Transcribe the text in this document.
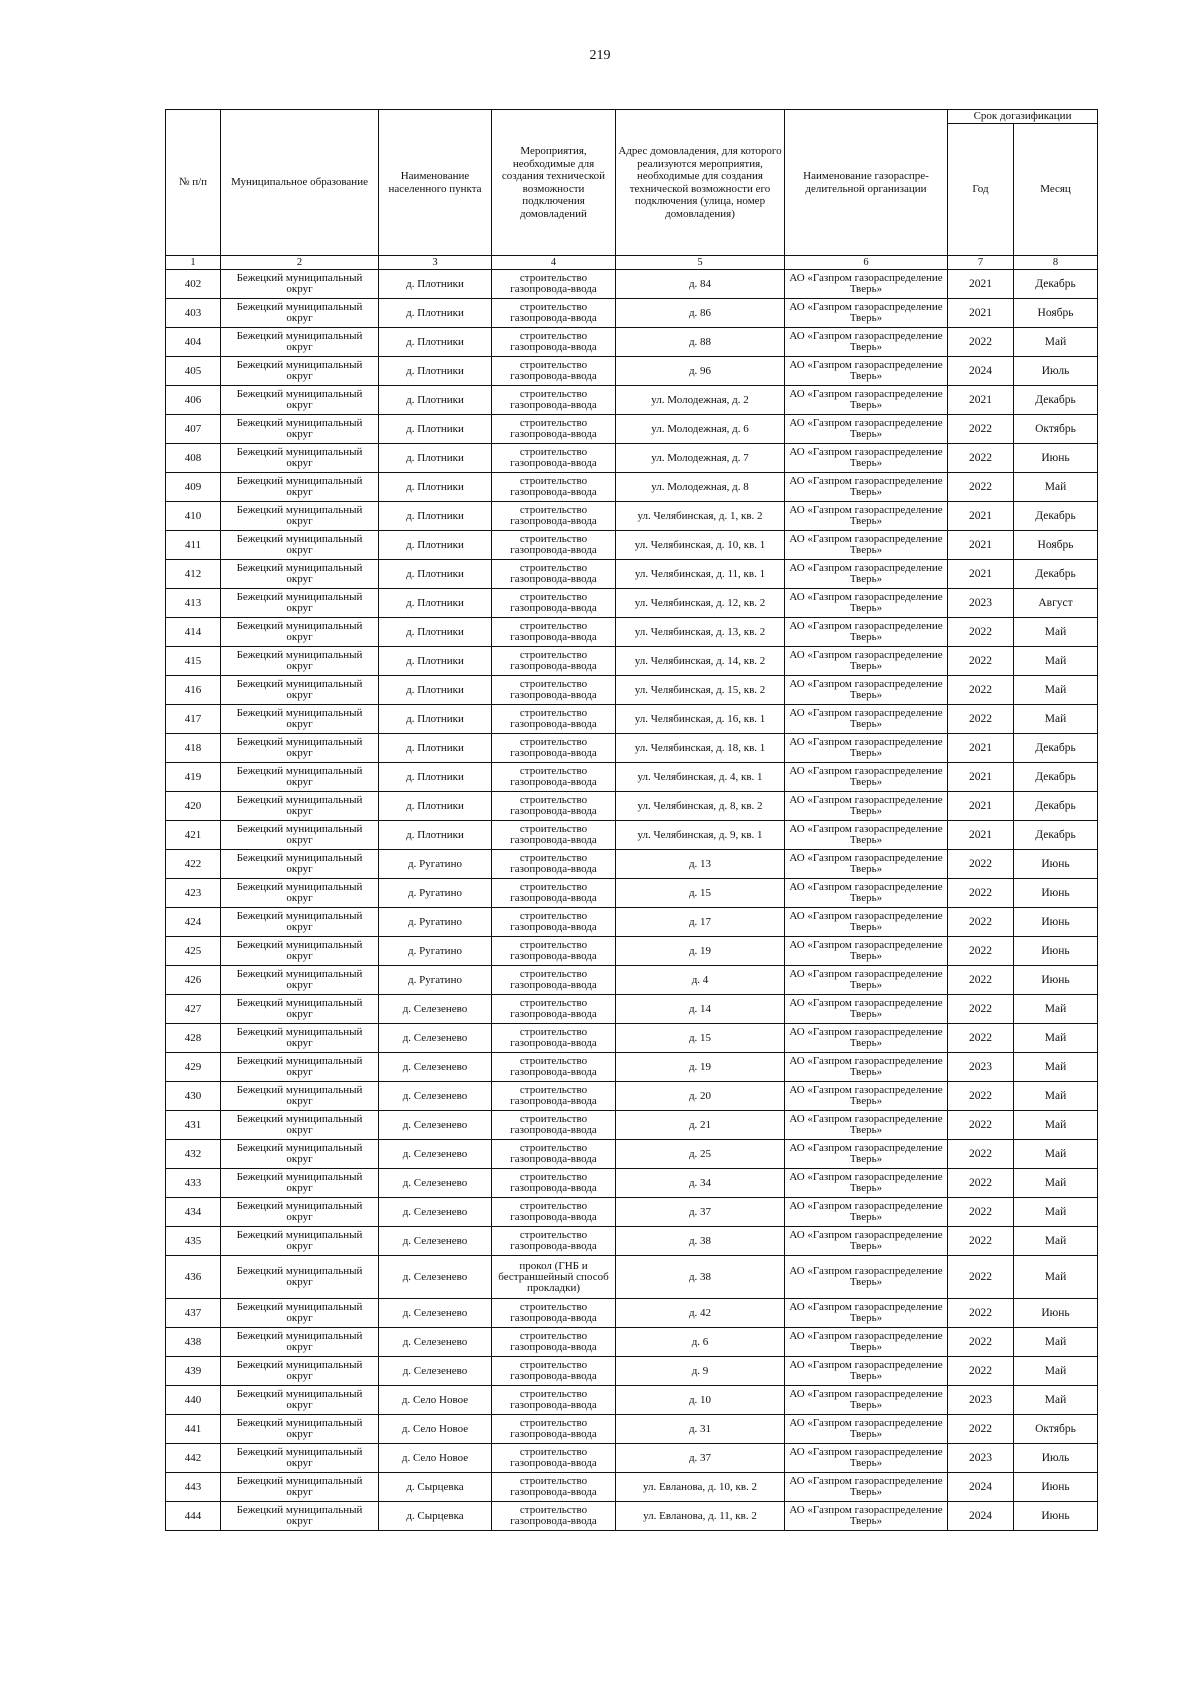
219
№ п/п	Муниципальное образование	Наименование населенного пункта	Мероприятия, необходимые для создания технической возможности подключения домовладений	Адрес домовладения, для которого реализуются мероприятия, необходимые для создания технической возможности его подключения (улица, номер домовладения)	Наименование газораспре-делительной организации	Срок догазификации	
						Год	Месяц
1	2	3	4	5	6	7	8
402	Бежецкий муниципальный округ	д. Плотники	строительство газопровода-ввода	д. 84	АО «Газпром газораспределение Тверь»	2021	Декабрь
403	Бежецкий муниципальный округ	д. Плотники	строительство газопровода-ввода	д. 86	АО «Газпром газораспределение Тверь»	2021	Ноябрь
404	Бежецкий муниципальный округ	д. Плотники	строительство газопровода-ввода	д. 88	АО «Газпром газораспределение Тверь»	2022	Май
405	Бежецкий муниципальный округ	д. Плотники	строительство газопровода-ввода	д. 96	АО «Газпром газораспределение Тверь»	2024	Июль
406	Бежецкий муниципальный округ	д. Плотники	строительство газопровода-ввода	ул. Молодежная, д. 2	АО «Газпром газораспределение Тверь»	2021	Декабрь
407	Бежецкий муниципальный округ	д. Плотники	строительство газопровода-ввода	ул. Молодежная, д. 6	АО «Газпром газораспределение Тверь»	2022	Октябрь
408	Бежецкий муниципальный округ	д. Плотники	строительство газопровода-ввода	ул. Молодежная, д. 7	АО «Газпром газораспределение Тверь»	2022	Июнь
409	Бежецкий муниципальный округ	д. Плотники	строительство газопровода-ввода	ул. Молодежная, д. 8	АО «Газпром газораспределение Тверь»	2022	Май
410	Бежецкий муниципальный округ	д. Плотники	строительство газопровода-ввода	ул. Челябинская, д. 1, кв. 2	АО «Газпром газораспределение Тверь»	2021	Декабрь
411	Бежецкий муниципальный округ	д. Плотники	строительство газопровода-ввода	ул. Челябинская, д. 10, кв. 1	АО «Газпром газораспределение Тверь»	2021	Ноябрь
412	Бежецкий муниципальный округ	д. Плотники	строительство газопровода-ввода	ул. Челябинская, д. 11, кв. 1	АО «Газпром газораспределение Тверь»	2021	Декабрь
413	Бежецкий муниципальный округ	д. Плотники	строительство газопровода-ввода	ул. Челябинская, д. 12, кв. 2	АО «Газпром газораспределение Тверь»	2023	Август
414	Бежецкий муниципальный округ	д. Плотники	строительство газопровода-ввода	ул. Челябинская, д. 13, кв. 2	АО «Газпром газораспределение Тверь»	2022	Май
415	Бежецкий муниципальный округ	д. Плотники	строительство газопровода-ввода	ул. Челябинская, д. 14, кв. 2	АО «Газпром газораспределение Тверь»	2022	Май
416	Бежецкий муниципальный округ	д. Плотники	строительство газопровода-ввода	ул. Челябинская, д. 15, кв. 2	АО «Газпром газораспределение Тверь»	2022	Май
417	Бежецкий муниципальный округ	д. Плотники	строительство газопровода-ввода	ул. Челябинская, д. 16, кв. 1	АО «Газпром газораспределение Тверь»	2022	Май
418	Бежецкий муниципальный округ	д. Плотники	строительство газопровода-ввода	ул. Челябинская, д. 18, кв. 1	АО «Газпром газораспределение Тверь»	2021	Декабрь
419	Бежецкий муниципальный округ	д. Плотники	строительство газопровода-ввода	ул. Челябинская, д. 4, кв. 1	АО «Газпром газораспределение Тверь»	2021	Декабрь
420	Бежецкий муниципальный округ	д. Плотники	строительство газопровода-ввода	ул. Челябинская, д. 8, кв. 2	АО «Газпром газораспределение Тверь»	2021	Декабрь
421	Бежецкий муниципальный округ	д. Плотники	строительство газопровода-ввода	ул. Челябинская, д. 9, кв. 1	АО «Газпром газораспределение Тверь»	2021	Декабрь
422	Бежецкий муниципальный округ	д. Ругатино	строительство газопровода-ввода	д. 13	АО «Газпром газораспределение Тверь»	2022	Июнь
423	Бежецкий муниципальный округ	д. Ругатино	строительство газопровода-ввода	д. 15	АО «Газпром газораспределение Тверь»	2022	Июнь
424	Бежецкий муниципальный округ	д. Ругатино	строительство газопровода-ввода	д. 17	АО «Газпром газораспределение Тверь»	2022	Июнь
425	Бежецкий муниципальный округ	д. Ругатино	строительство газопровода-ввода	д. 19	АО «Газпром газораспределение Тверь»	2022	Июнь
426	Бежецкий муниципальный округ	д. Ругатино	строительство газопровода-ввода	д. 4	АО «Газпром газораспределение Тверь»	2022	Июнь
427	Бежецкий муниципальный округ	д. Селезенево	строительство газопровода-ввода	д. 14	АО «Газпром газораспределение Тверь»	2022	Май
428	Бежецкий муниципальный округ	д. Селезенево	строительство газопровода-ввода	д. 15	АО «Газпром газораспределение Тверь»	2022	Май
429	Бежецкий муниципальный округ	д. Селезенево	строительство газопровода-ввода	д. 19	АО «Газпром газораспределение Тверь»	2023	Май
430	Бежецкий муниципальный округ	д. Селезенево	строительство газопровода-ввода	д. 20	АО «Газпром газораспределение Тверь»	2022	Май
431	Бежецкий муниципальный округ	д. Селезенево	строительство газопровода-ввода	д. 21	АО «Газпром газораспределение Тверь»	2022	Май
432	Бежецкий муниципальный округ	д. Селезенево	строительство газопровода-ввода	д. 25	АО «Газпром газораспределение Тверь»	2022	Май
433	Бежецкий муниципальный округ	д. Селезенево	строительство газопровода-ввода	д. 34	АО «Газпром газораспределение Тверь»	2022	Май
434	Бежецкий муниципальный округ	д. Селезенево	строительство газопровода-ввода	д. 37	АО «Газпром газораспределение Тверь»	2022	Май
435	Бежецкий муниципальный округ	д. Селезенево	строительство газопровода-ввода	д. 38	АО «Газпром газораспределение Тверь»	2022	Май
436	Бежецкий муниципальный округ	д. Селезенево	прокол (ГНБ и бестраншейный способ прокладки)	д. 38	АО «Газпром газораспределение Тверь»	2022	Май
437	Бежецкий муниципальный округ	д. Селезенево	строительство газопровода-ввода	д. 42	АО «Газпром газораспределение Тверь»	2022	Июнь
438	Бежецкий муниципальный округ	д. Селезенево	строительство газопровода-ввода	д. 6	АО «Газпром газораспределение Тверь»	2022	Май
439	Бежецкий муниципальный округ	д. Селезенево	строительство газопровода-ввода	д. 9	АО «Газпром газораспределение Тверь»	2022	Май
440	Бежецкий муниципальный округ	д. Село Новое	строительство газопровода-ввода	д. 10	АО «Газпром газораспределение Тверь»	2023	Май
441	Бежецкий муниципальный округ	д. Село Новое	строительство газопровода-ввода	д. 31	АО «Газпром газораспределение Тверь»	2022	Октябрь
442	Бежецкий муниципальный округ	д. Село Новое	строительство газопровода-ввода	д. 37	АО «Газпром газораспределение Тверь»	2023	Июль
443	Бежецкий муниципальный округ	д. Сырцевка	строительство газопровода-ввода	ул. Евланова, д. 10, кв. 2	АО «Газпром газораспределение Тверь»	2024	Июнь
444	Бежецкий муниципальный округ	д. Сырцевка	строительство газопровода-ввода	ул. Евланова, д. 11, кв. 2	АО «Газпром газораспределение Тверь»	2024	Июнь
